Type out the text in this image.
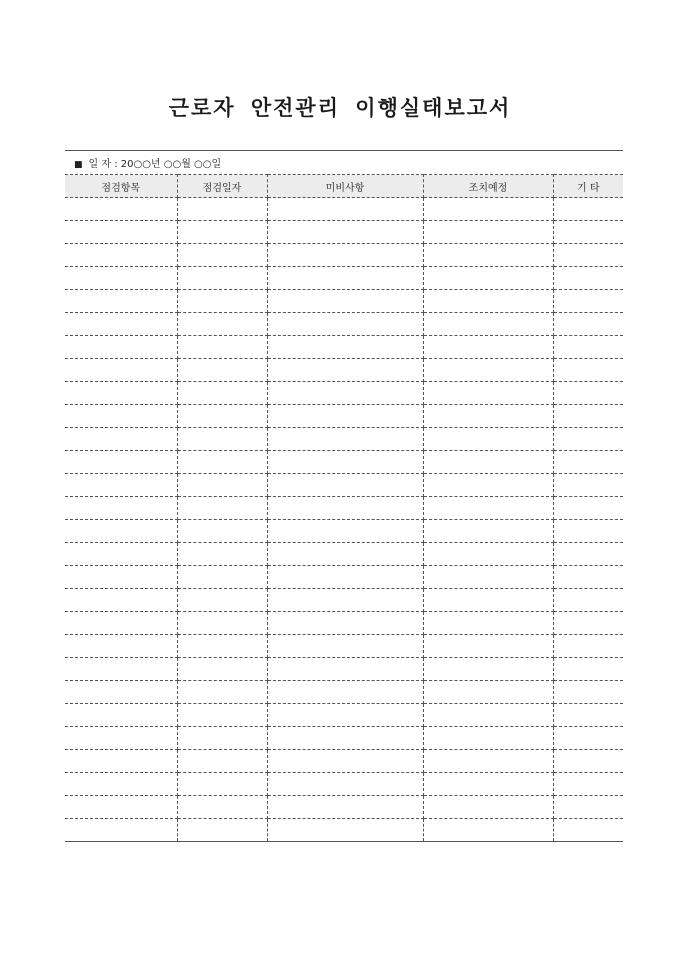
근로자 안전관리 이행실태보고서
■ 일 자 : 20○○년 ○○월 ○○일
점검항목	점검일자	미비사항	조치예정	기 타
